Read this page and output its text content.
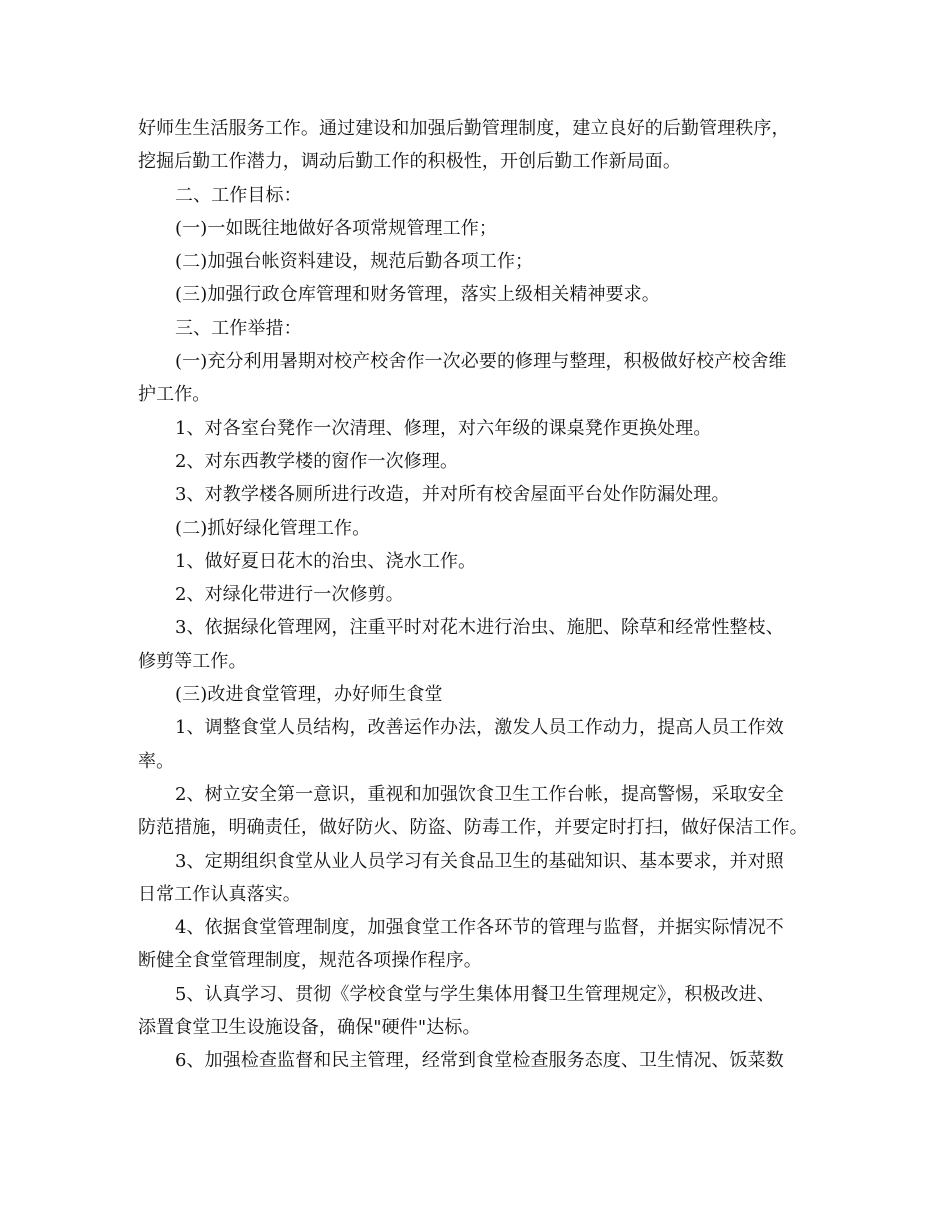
好师生生活服务工作。通过建设和加强后勤管理制度，建立良好的后勤管理秩序，
挖掘后勤工作潜力，调动后勤工作的积极性，开创后勤工作新局面。
二、工作目标：
(一)一如既往地做好各项常规管理工作；
(二)加强台帐资料建设，规范后勤各项工作；
(三)加强行政仓库管理和财务管理，落实上级相关精神要求。
三、工作举措：
(一)充分利用暑期对校产校舍作一次必要的修理与整理，积极做好校产校舍维
护工作。
1、对各室台凳作一次清理、修理，对六年级的课桌凳作更换处理。
2、对东西教学楼的窗作一次修理。
3、对教学楼各厕所进行改造，并对所有校舍屋面平台处作防漏处理。
(二)抓好绿化管理工作。
1、做好夏日花木的治虫、浇水工作。
2、对绿化带进行一次修剪。
3、依据绿化管理网，注重平时对花木进行治虫、施肥、除草和经常性整枝、
修剪等工作。
(三)改进食堂管理，办好师生食堂
1、调整食堂人员结构，改善运作办法，激发人员工作动力，提高人员工作效
率。
2、树立安全第一意识，重视和加强饮食卫生工作台帐，提高警惕，采取安全
防范措施，明确责任，做好防火、防盗、防毒工作，并要定时打扫，做好保洁工作。
3、定期组织食堂从业人员学习有关食品卫生的基础知识、基本要求，并对照
日常工作认真落实。
4、依据食堂管理制度，加强食堂工作各环节的管理与监督，并据实际情况不
断健全食堂管理制度，规范各项操作程序。
5、认真学习、贯彻《学校食堂与学生集体用餐卫生管理规定》，积极改进、
添置食堂卫生设施设备，确保"硬件"达标。
6、加强检查监督和民主管理，经常到食堂检查服务态度、卫生情况、饭菜数
